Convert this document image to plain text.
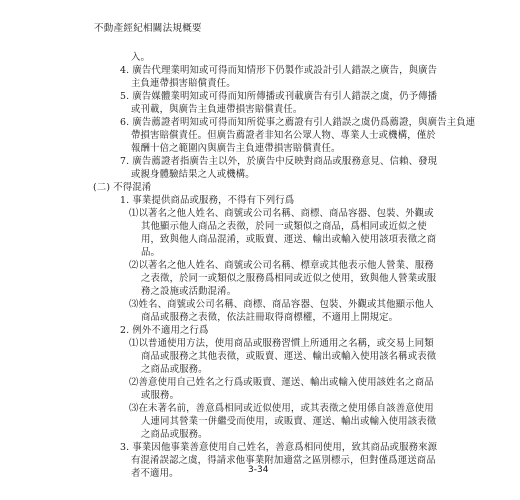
不動產經紀相關法規概要
入。
4. 廣告代理業明知或可得而知情形下仍製作或設計引人錯誤之廣告，與廣告
主負連帶損害賠償責任。
5. 廣告媒體業明知或可得而知所傳播或刊載廣告有引人錯誤之虞，仍予傳播
或刊載，與廣告主負連帶損害賠償責任。
6. 廣告薦證者明知或可得而知所從事之薦證有引人錯誤之虞仍爲薦證，與廣告主負連
帶損害賠償責任。但廣告薦證者非知名公眾人物、專業人士或機構，僅於
報酬十倍之範圍內與廣告主負連帶損害賠償責任。
7. 廣告薦證者指廣告主以外，於廣告中反映對商品或服務意見、信賴、發現
或親身體驗結果之人或機構。
(二) 不得混淆
1. 事業提供商品或服務，不得有下列行爲
⑴以著名之他人姓名、商號或公司名稱、商標、商品容器、包裝、外觀或
其他顯示他人商品之表徵，於同一或類似之商品，爲相同或近似之使
用，致與他人商品混淆，或販賣、運送、輸出或輸入使用該項表徵之商
品。
⑵以著名之他人姓名、商號或公司名稱、標章或其他表示他人營業、服務
之表徵，於同一或類似之服務爲相同或近似之使用，致與他人營業或服
務之設施或活動混淆。
⑶姓名、商號或公司名稱、商標、商品容器、包裝、外觀或其他顯示他人
商品或服務之表徵，依法註冊取得商標權，不適用上開規定。
2. 例外不適用之行爲
⑴以普通使用方法，使用商品或服務習慣上所通用之名稱，或交易上同類
商品或服務之其他表徵，或販賣、運送、輸出或輸入使用該名稱或表徵
之商品或服務。
⑵善意使用自己姓名之行爲或販賣、運送、輸出或輸入使用該姓名之商品
或服務。
⑶在未著名前，善意爲相同或近似使用，或其表徵之使用係自該善意使用
人連同其營業一併繼受而使用，或販賣、運送、輸出或輸入使用該表徵
之商品或服務。
3. 事業因他事業善意使用自己姓名，善意爲相同使用，致其商品或服務來源
有混淆誤認之虞，得請求他事業附加適當之區別標示，但對僅爲運送商品
者不適用。	3-34
